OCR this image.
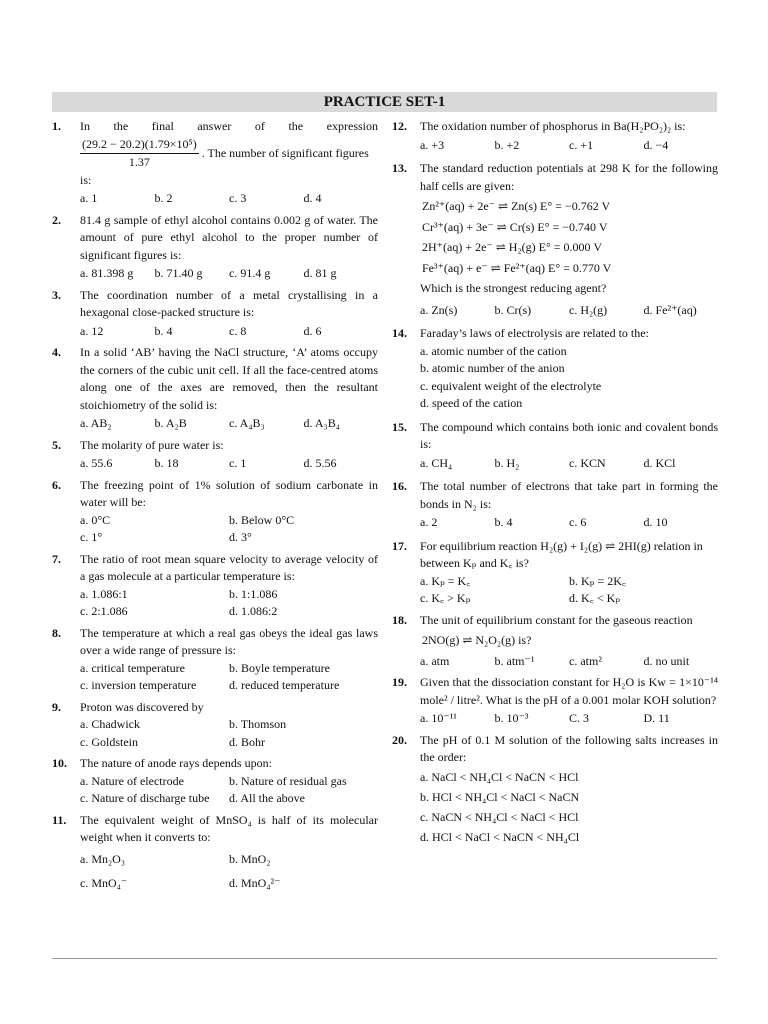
PRACTICE SET-1
1.	In the final answer of the expression
$\frac{\text{(29.2 − 20.2)(1.79×10⁵)}}{1.37}$ . The number of significant figures is:
a. 1	b. 2	c. 3	d. 4
2.	81.4 g sample of ethyl alcohol contains 0.002 g of water. The amount of pure ethyl alcohol to the proper number of significant figures is:
a. 81.398 g	b. 71.40 g	c. 91.4 g	d. 81 g
3.	The coordination number of a metal crystallising in a hexagonal close-packed structure is:
a. 12	b. 4	c. 8	d. 6
4.	In a solid ‘AB’ having the NaCl structure, ‘A’ atoms occupy the corners of the cubic unit cell. If all the face-centred atoms along one of the axes are removed, then the resultant stoichiometry of the solid is:
a. AB₂	b. A₂B	c. A₄B₃	d. A₃B₄
5.	The molarity of pure water is:
a. 55.6	b. 18	c. 1	d. 5.56
6.	The freezing point of 1% solution of sodium carbonate in water will be:
a. 0°C	b. Below 0°C
c. 1°	d. 3°
7.	The ratio of root mean square velocity to average velocity of a gas molecule at a particular temperature is:
a. 1.086:1	b. 1:1.086
c. 2:1.086	d. 1.086:2
8.	The temperature at which a real gas obeys the ideal gas laws over a wide range of pressure is:
a. critical temperature	b. Boyle temperature
c. inversion temperature	d. reduced temperature
9.	Proton was discovered by
a. Chadwick	b. Thomson
c. Goldstein	d. Bohr
10.	The nature of anode rays depends upon:
a. Nature of electrode	b. Nature of residual gas
c. Nature of discharge tube	d. All the above
11.	The equivalent weight of MnSO₄ is half of its molecular weight when it converts to:
a. Mn₂O₃	b. MnO₂
c. MnO₄⁻	d. MnO₄²⁻
12.	The oxidation number of phosphorus in Ba(H₂PO₂)₂ is:
a. +3	b. +2	c. +1	d. −4
13.	The standard reduction potentials at 298 K for the following half cells are given:
Zn²⁺(aq) + 2e⁻ ⇌ Zn(s) E° = −0.762 V
Cr³⁺(aq) + 3e⁻ ⇌ Cr(s) E° = −0.740 V
2H⁺(aq) + 2e⁻ ⇌ H₂(g) E° = 0.000 V
Fe³⁺(aq) + e⁻ ⇌ Fe²⁺(aq) E° = 0.770 V
Which is the strongest reducing agent?
a. Zn(s)	b. Cr(s)	c. H₂(g)	d. Fe²⁺(aq)
14.	Faraday’s laws of electrolysis are related to the:
a. atomic number of the cation
b. atomic number of the anion
c. equivalent weight of the electrolyte
d. speed of the cation
15.	The compound which contains both ionic and covalent bonds is:
a. CH₄	b. H₂	c. KCN	d. KCl
16.	The total number of electrons that take part in forming the bonds in N₂ is:
a. 2	b. 4	c. 6	d. 10
17.	For equilibrium reaction H₂(g) + I₂(g) ⇌ 2HI(g) relation in between Kₚ and K꜀ is?
a. Kₚ = K꜀	b. Kₚ = 2K꜀
c. K꜀ > Kₚ	d. K꜀ < Kₚ
18.	The unit of equilibrium constant for the gaseous reaction
2NO(g) ⇌ N₂O₂(g) is?
a. atm	b. atm⁻¹	c. atm²	d. no unit
19.	Given that the dissociation constant for H₂O is Kw = 1×10⁻¹⁴ mole² / litre². What is the pH of a 0.001 molar KOH solution?
a. 10⁻¹¹	b. 10⁻³	C. 3	D. 11
20.	The pH of 0.1 M solution of the following salts increases in the order:
a. NaCl < NH₄Cl < NaCN < HCl
b. HCl < NH₄Cl < NaCl < NaCN
c. NaCN < NH₄Cl < NaCl < HCl
d. HCl < NaCl < NaCN < NH₄Cl
